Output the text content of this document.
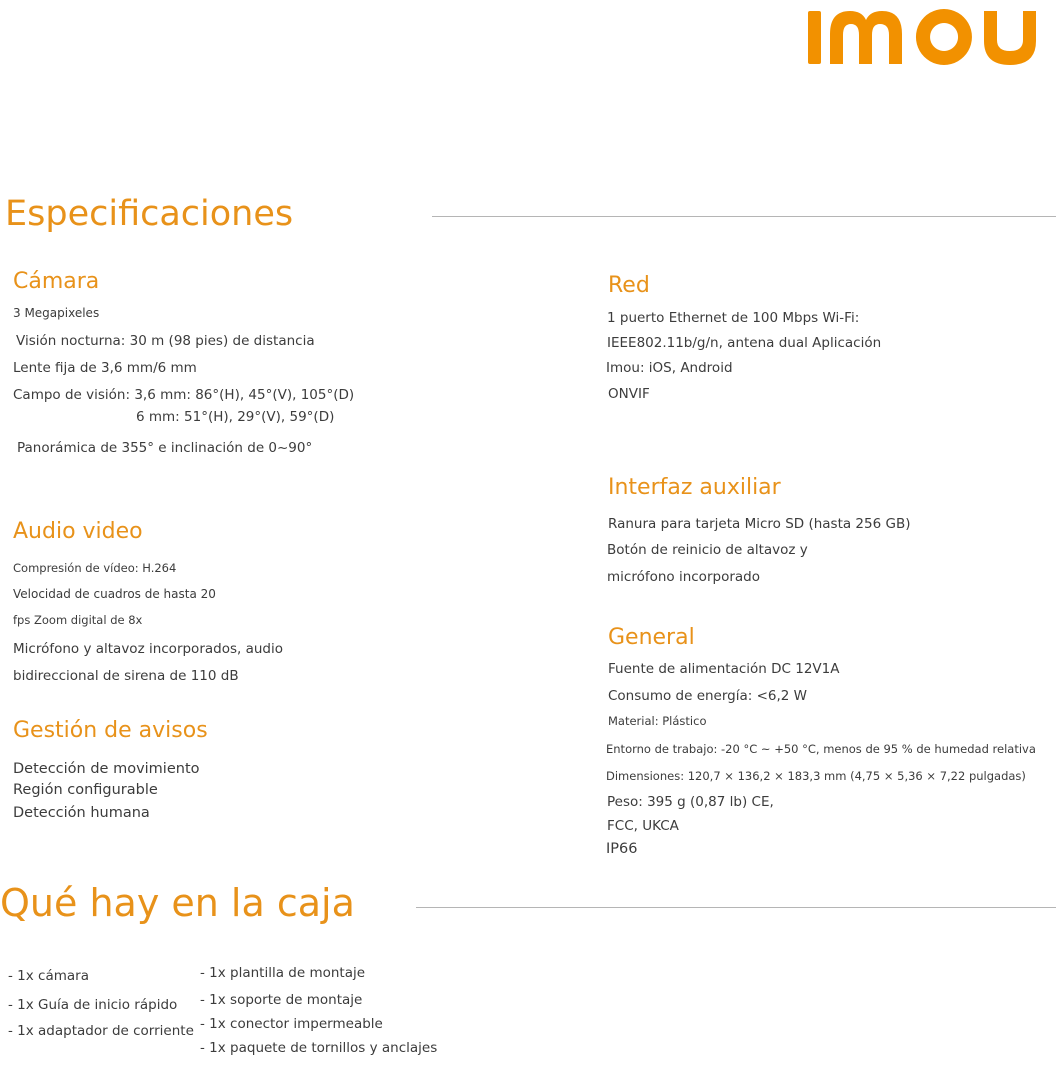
Especificaciones
Cámara
3 Megapixeles
Visión nocturna: 30 m (98 pies) de distancia
Lente fija de 3,6 mm/6 mm
Campo de visión: 3,6 mm: 86°(H), 45°(V), 105°(D)
6 mm: 51°(H), 29°(V), 59°(D)
Panorámica de 355° e inclinación de 0~90°
Audio video
Compresión de vídeo: H.264
Velocidad de cuadros de hasta 20
fps Zoom digital de 8x
Micrófono y altavoz incorporados, audio
bidireccional de sirena de 110 dB
Gestión de avisos
Detección de movimiento
Región configurable
Detección humana
Red
1 puerto Ethernet de 100 Mbps Wi-Fi:
IEEE802.11b/g/n, antena dual Aplicación
Imou: iOS, Android
ONVIF
Interfaz auxiliar
Ranura para tarjeta Micro SD (hasta 256 GB)
Botón de reinicio de altavoz y
micrófono incorporado
General
Fuente de alimentación DC 12V1A
Consumo de energía: <6,2 W
Material: Plástico
Entorno de trabajo: -20 °C ~ +50 °C, menos de 95 % de humedad relativa
Dimensiones: 120,7 × 136,2 × 183,3 mm (4,75 × 5,36 × 7,22 pulgadas)
Peso: 395 g (0,87 lb) CE,
FCC, UKCA
IP66
Qué hay en la caja
- 1x cámara
- 1x Guía de inicio rápido
- 1x adaptador de corriente
- 1x plantilla de montaje
- 1x soporte de montaje
- 1x conector impermeable
- 1x paquete de tornillos y anclajes
